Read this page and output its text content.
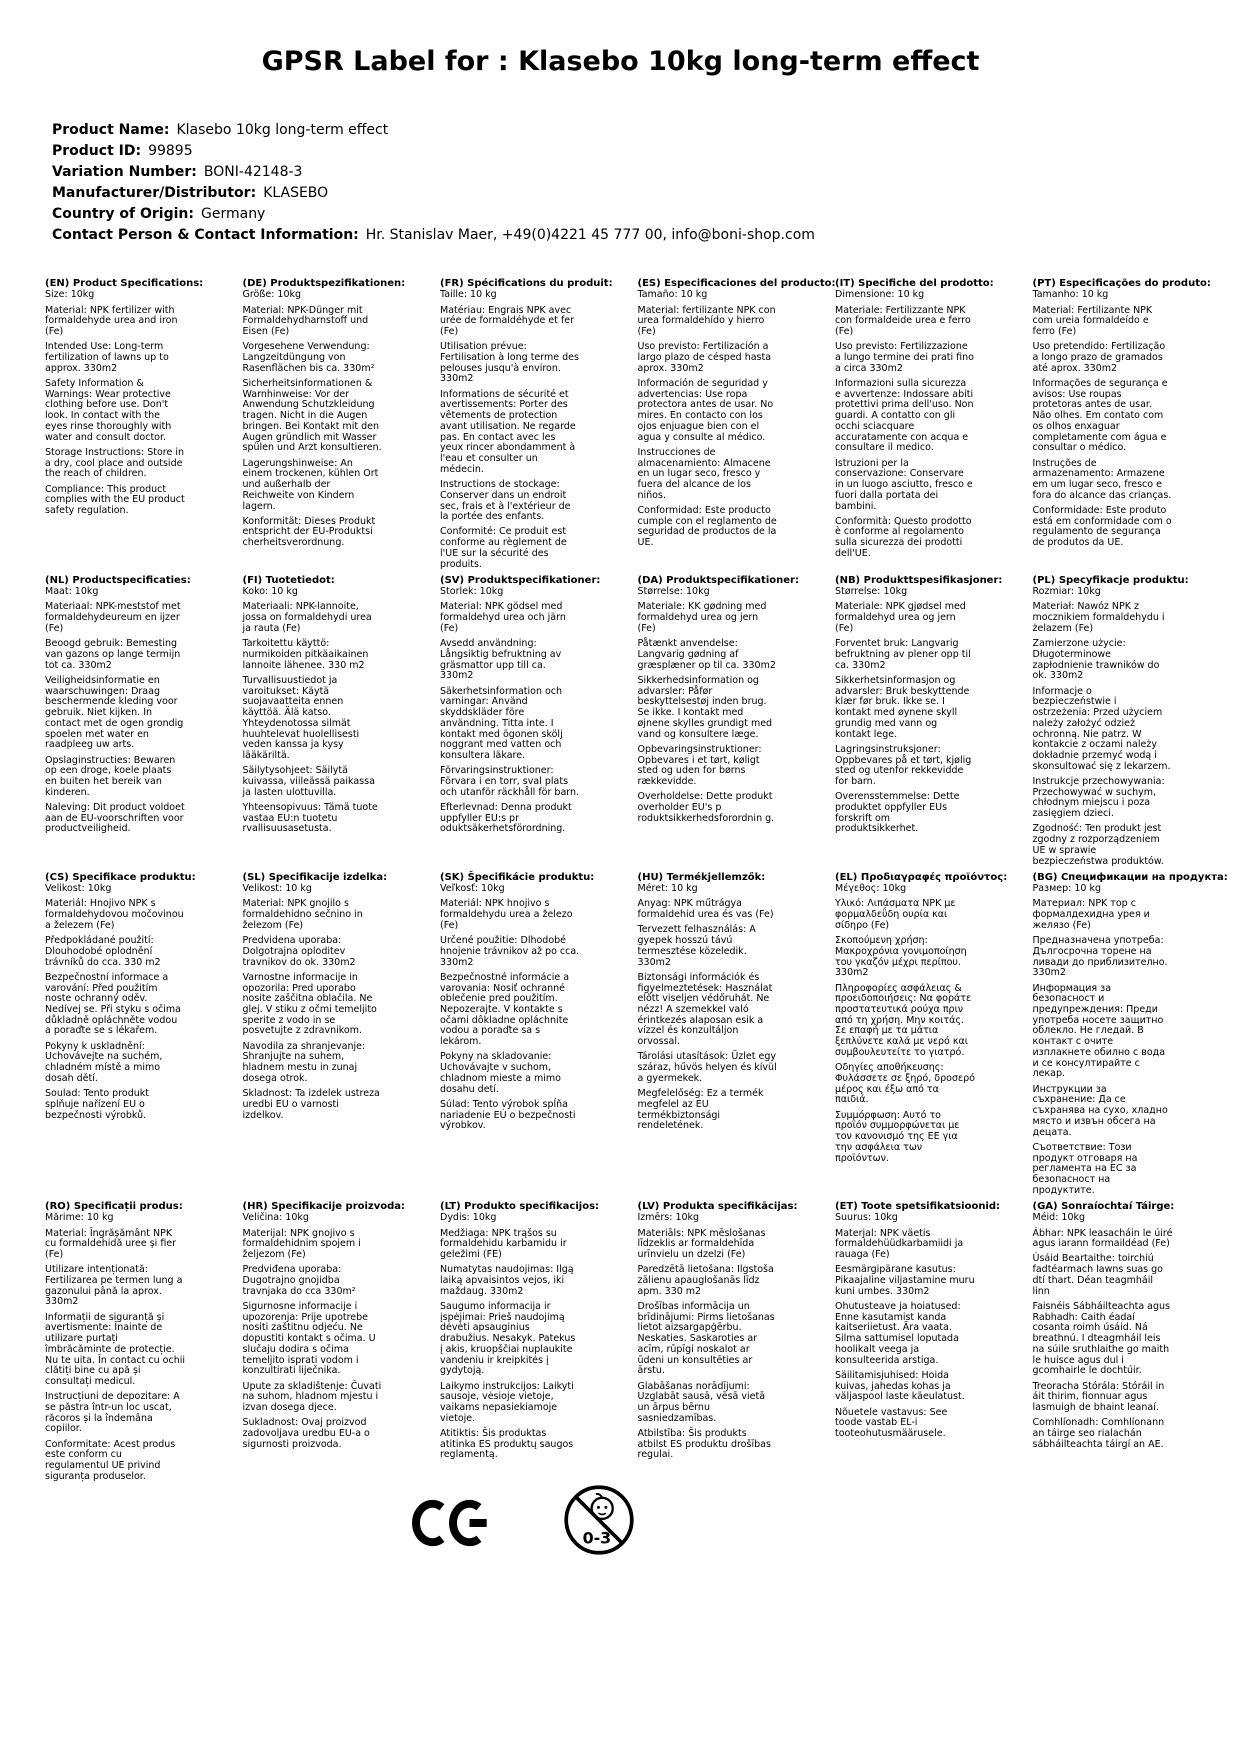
GPSR Label for : Klasebo 10kg long-term effect
Product Name: Klasebo 10kg long-term effect
Product ID: 99895
Variation Number: BONI-42148-3
Manufacturer/Distributor: KLASEBO
Country of Origin: Germany
Contact Person & Contact Information: Hr. Stanislav Maer, +49(0)4221 45 777 00, info@boni-shop.com
(EN) Product Specifications:

Size: 10kg

Material: NPK fertilizer with formaldehyde urea and iron (Fe)

Intended Use: Long-term fertilization of lawns up to approx. 330m2

Safety Information & Warnings: Wear protective clothing before use. Don't look. In contact with the eyes rinse thoroughly with water and consult doctor.

Storage Instructions: Store in a dry, cool place and outside the reach of children.

Compliance: This product complies with the EU product safety regulation.

(DE) Produktspezifikationen:

Größe: 10kg

Material: NPK-Dünger mit Formaldehydharnstoff und Eisen (Fe)

Vorgesehene Verwendung: Langzeitdüngung von Rasenflächen bis ca. 330m²

Sicherheitsinformationen & Warnhinweise: Vor der Anwendung Schutzkleidung tragen. Nicht in die Augen bringen. Bei Kontakt mit den Augen gründlich mit Wasser spülen und Arzt konsultieren.

Lagerungshinweise: An einem trockenen, kühlen Ort und außerhalb der Reichweite von Kindern lagern.

Konformität: Dieses Produkt entspricht der EU-Produktsi cherheitsverordnung.

(FR) Spécifications du produit:

Taille: 10 kg

Matériau: Engrais NPK avec urée de formaldéhyde et fer (Fe)

Utilisation prévue: Fertilisation à long terme des pelouses jusqu'à environ. 330m2

Informations de sécurité et avertissements: Porter des vêtements de protection avant utilisation. Ne regarde pas. En contact avec les yeux rincer abondamment à l'eau et consulter un médecin.

Instructions de stockage: Conserver dans un endroit sec, frais et à l'extérieur de la portée des enfants.

Conformité: Ce produit est conforme au règlement de l'UE sur la sécurité des produits.

(ES) Especificaciones del producto:

Tamaño: 10 kg

Material: fertilizante NPK con urea formaldehído y hierro (Fe)

Uso previsto: Fertilización a largo plazo de césped hasta aprox. 330m2

Información de seguridad y advertencias: Use ropa protectora antes de usar. No mires. En contacto con los ojos enjuague bien con el agua y consulte al médico.

Instrucciones de almacenamiento: Almacene en un lugar seco, fresco y fuera del alcance de los niños.

Conformidad: Este producto cumple con el reglamento de seguridad de productos de la UE.

(IT) Specifiche del prodotto:

Dimensione: 10 kg

Materiale: Fertilizzante NPK con formaldeide urea e ferro (Fe)

Uso previsto: Fertilizzazione a lungo termine dei prati fino a circa 330m2

Informazioni sulla sicurezza e avvertenze: Indossare abiti protettivi prima dell'uso. Non guardi. A contatto con gli occhi sciacquare accuratamente con acqua e consultare il medico.

Istruzioni per la conservazione: Conservare in un luogo asciutto, fresco e fuori dalla portata dei bambini.

Conformità: Questo prodotto è conforme al regolamento sulla sicurezza dei prodotti dell'UE.

(PT) Especificações do produto:

Tamanho: 10 kg

Material: Fertilizante NPK com ureia formaldeído e ferro (Fe)

Uso pretendido: Fertilização a longo prazo de gramados até aprox. 330m2

Informações de segurança e avisos: Use roupas protetoras antes de usar. Não olhes. Em contato com os olhos enxaguar completamente com água e consultar o médico.

Instruções de armazenamento: Armazene em um lugar seco, fresco e fora do alcance das crianças.

Conformidade: Este produto está em conformidade com o regulamento de segurança de produtos da UE.

(NL) Productspecificaties:

Maat: 10kg

Materiaal: NPK-meststof met formaldehydeureum en ijzer (Fe)

Beoogd gebruik: Bemesting van gazons op lange termijn tot ca. 330m2

Veiligheidsinformatie en waarschuwingen: Draag beschermende kleding voor gebruik. Niet kijken. In contact met de ogen grondig spoelen met water en raadpleeg uw arts.

Opslaginstructies: Bewaren op een droge, koele plaats en buiten het bereik van kinderen.

Naleving: Dit product voldoet aan de EU-voorschriften voor productveiligheid.

(FI) Tuotetiedot:

Koko: 10 kg

Materiaali: NPK-lannoite, jossa on formaldehydi urea ja rauta (Fe)

Tarkoitettu käyttö: nurmikoiden pitkäaikainen lannoite lähenee. 330 m2

Turvallisuustiedot ja varoitukset: Käytä suojavaatteita ennen käyttöä. Älä katso. Yhteydenotossa silmät huuhtelevat huolellisesti veden kanssa ja kysy lääkäriltä.

Säilytysohjeet: Säilytä kuivassa, viileässä paikassa ja lasten ulottuvilla.

Yhteensopivuus: Tämä tuote vastaa EU:n tuotetu rvallisuusasetusta.

(SV) Produktspecifikationer:

Storlek: 10kg

Material: NPK gödsel med formaldehyd urea och järn (Fe)

Avsedd användning: Långsiktig befruktning av gräsmattor upp till ca. 330m2

Säkerhetsinformation och varningar: Använd skyddskläder före användning. Titta inte. I kontakt med ögonen skölj noggrant med vatten och konsultera läkare.

Förvaringsinstruktioner: Förvara i en torr, sval plats och utanför räckhåll för barn.

Efterlevnad: Denna produkt uppfyller EU:s pr oduktsäkerhetsförordning.

(DA) Produktspecifikationer:

Størrelse: 10kg

Materiale: KK gødning med formaldehyd urea og jern (Fe)

Påtænkt anvendelse: Langvarig gødning af græsplæner op til ca. 330m2

Sikkerhedsinformation og advarsler: Påfør beskyttelsestøj inden brug. Se ikke. I kontakt med øjnene skylles grundigt med vand og konsultere læge.

Opbevaringsinstruktioner: Opbevares i et tørt, køligt sted og uden for børns rækkevidde.

Overholdelse: Dette produkt overholder EU's p roduktsikkerhedsforordnin g.

(NB) Produkttspesifikasjoner:

Størrelse: 10kg

Materiale: NPK gjødsel med formaldehyd urea og jern (Fe)

Forventet bruk: Langvarig befruktning av plener opp til ca. 330m2

Sikkerhetsinformasjon og advarsler: Bruk beskyttende klær før bruk. Ikke se. I kontakt med øynene skyll grundig med vann og kontakt lege.

Lagringsinstruksjoner: Oppbevares på et tørt, kjølig sted og utenfor rekkevidde for barn.

Overensstemmelse: Dette produktet oppfyller EUs forskrift om produktsikkerhet.

(PL) Specyfikacje produktu:

Rozmiar: 10kg

Materiał: Nawóz NPK z mocznikiem formaldehydu i żelazem (Fe)

Zamierzone użycie: Długoterminowe zapłodnienie trawników do ok. 330m2

Informacje o bezpieczeństwie i ostrzeżenia: Przed użyciem należy założyć odzież ochronną. Nie patrz. W kontakcie z oczami należy dokładnie przemyć wodą i skonsultować się z lekarzem.

Instrukcje przechowywania: Przechowywać w suchym, chłodnym miejscu i poza zasięgiem dzieci.

Zgodność: Ten produkt jest zgodny z rozporządzeniem UE w sprawie bezpieczeństwa produktów.

(CS) Specifikace produktu:

Velikost: 10kg

Materiál: Hnojivo NPK s formaldehydovou močovinou a železem (Fe)

Předpokládané použití: Dlouhodobé oplodnění trávníků do cca. 330 m2

Bezpečnostní informace a varování: Před použitím noste ochranný oděv. Nedívej se. Při styku s očima důkladně opláchněte vodou a poraďte se s lékařem.

Pokyny k uskladnění: Uchovávejte na suchém, chladném místě a mimo dosah dětí.

Soulad: Tento produkt splňuje nařízení EU o bezpečnosti výrobků.

(SL) Specifikacije izdelka:

Velikost: 10 kg

Material: NPK gnojilo s formaldehidno sečnino in železom (Fe)

Predvidena uporaba: Dolgotrajna oploditev travnikov do ok. 330m2

Varnostne informacije in opozorila: Pred uporabo nosite zaščitna oblačila. Ne glej. V stiku z očmi temeljito sperite z vodo in se posvetujte z zdravnikom.

Navodila za shranjevanje: Shranjujte na suhem, hladnem mestu in zunaj dosega otrok.

Skladnost: Ta izdelek ustreza uredbi EU o varnosti izdelkov.

(SK) Špecifikácie produktu:

Veľkosť: 10kg

Materiál: NPK hnojivo s formaldehydu urea a železo (Fe)

Určené použitie: Dlhodobé hnojenie trávnikov až po cca. 330m2

Bezpečnostné informácie a varovania: Nosiť ochranné oblečenie pred použitím. Nepozerajte. V kontakte s očami dôkladne opláchnite vodou a poraďte sa s lekárom.

Pokyny na skladovanie: Uchovávajte v suchom, chladnom mieste a mimo dosahu detí.

Súlad: Tento výrobok spĺňa nariadenie EÚ o bezpečnosti výrobkov.

(HU) Termékjellemzők:

Méret: 10 kg

Anyag: NPK műtrágya formaldehid urea és vas (Fe)

Tervezett felhasználás: A gyepek hosszú távú termesztése közeledik. 330m2

Biztonsági információk és figyelmeztetések: Használat előtt viseljen védőruhát. Ne nézz! A szemekkel való érintkezés alaposan esik a vízzel és konzultáljon orvossal.

Tárolási utasítások: Üzlet egy száraz, hűvös helyen és kívül a gyermekek.

Megfelelőség: Ez a termék megfelel az EU termékbiztonsági rendeletének.

(EL) Προδιαγραφές προϊόντος:

Μέγεθος: 10kg

Υλικό: Λιπάσματα NPK με φορμαλδεΰδη ουρία και σίδηρο (Fe)

Σκοπούμενη χρήση: Μακροχρόνια γονιμοποίηση του γκαζόν μέχρι περίπου. 330m2

Πληροφορίες ασφάλειας & προειδοποιήσεις: Να φοράτε προστατευτικά ρούχα πριν από τη χρήση. Μην κοιτάς. Σε επαφή με τα μάτια ξεπλύνετε καλά με νερό και συμβουλευτείτε το γιατρό.

Οδηγίες αποθήκευσης: Φυλάσσετε σε ξηρό, δροσερό μέρος και έξω από τα παιδιά.

Συμμόρφωση: Αυτό το προϊόν συμμορφώνεται με τον κανονισμό της ΕΕ για την ασφάλεια των προϊόντων.

(BG) Спецификации на продукта:

Размер: 10 kg

Материал: NPK тор с формалдехидна урея и желязо (Fe)

Предназначена употреба: Дългосрочна торене на ливади до приблизително. 330m2

Информация за безопасност и предупреждения: Преди употреба носете защитно облекло. Не гледай. В контакт с очите изплакнете обилно с вода и се консултирайте с лекар.

Инструкции за съхранение: Да се съхранява на сухо, хладно място и извън обсега на децата.

Съответствие: Този продукт отговаря на регламента на ЕС за безопасност на продуктите.

(RO) Specificații produs:

Mărime: 10 kg

Material: Îngrășământ NPK cu formaldehidă uree și fier (Fe)

Utilizare intenționată: Fertilizarea pe termen lung a gazonului până la aprox. 330m2

Informații de siguranță și avertismente: Înainte de utilizare purtați îmbrăcăminte de protecție. Nu te uita. În contact cu ochii clătiți bine cu apă și consultați medicul.

Instrucțiuni de depozitare: A se păstra într-un loc uscat, răcoros și la îndemâna copiilor.

Conformitate: Acest produs este conform cu regulamentul UE privind siguranța produselor.

(HR) Specifikacije proizvoda:

Veličina: 10kg

Materijal: NPK gnojivo s formaldehidnim spojem i željezom (Fe)

Predviđena uporaba: Dugotrajno gnojidba travnjaka do cca 330m²

Sigurnosne informacije i upozorenja: Prije upotrebe nositi zaštitnu odjeću. Ne dopustiti kontakt s očima. U slučaju dodira s očima temeljito isprati vodom i konzultirati liječnika.

Upute za skladištenje: Čuvati na suhom, hladnom mjestu i izvan dosega djece.

Sukladnost: Ovaj proizvod zadovoljava uredbu EU-a o sigurnosti proizvoda.

(LT) Produkto specifikacijos:

Dydis: 10kg

Medžiaga: NPK trąšos su formaldehidu karbamidu ir geležimi (FE)

Numatytas naudojimas: Ilgą laiką apvaisintos vejos, iki maždaug. 330m2

Saugumo informacija ir įspėjimai: Prieš naudojimą dėvėti apsauginius drabužius. Nesakyk. Patekus į akis, kruopščiai nuplaukite vandeniu ir kreipkitės į gydytoją.

Laikymo instrukcijos: Laikyti sausoje, vėsioje vietoje, vaikams nepasiekiamoje vietoje.

Atitiktis: Šis produktas atitinka ES produktų saugos reglamentą.

(LV) Produkta specifikācijas:

Izmērs: 10kg

Materiāls: NPK mēslošanas līdzeklis ar formaldehīda urīnvielu un dzelzi (Fe)

Paredzētā lietošana: Ilgstoša zālienu apauglošanās līdz apm. 330 m2

Drošības informācija un brīdinājumi: Pirms lietošanas lietot aizsargapģērbu. Neskaties. Saskaroties ar acīm, rūpīgi noskalot ar ūdeni un konsultēties ar ārstu.

Glabāšanas norādījumi: Uzglabāt sausā, vēsā vietā un ārpus bērnu sasniedzamības.

Atbilstība: Šis produkts atbilst ES produktu drošības regulai.

(ET) Toote spetsifikatsioonid:

Suurus: 10kg

Materjal: NPK väetis formaldehüüdkarbamiidi ja rauaga (Fe)

Eesmärgipärane kasutus: Pikaajaline viljastamine muru kuni umbes. 330m2

Ohutusteave ja hoiatused: Enne kasutamist kanda kaitseriietust. Ära vaata. Silma sattumisel loputada hoolikalt veega ja konsulteerida arstiga.

Säilitamisjuhised: Hoida kuivas, jahedas kohas ja väljaspool laste käeulatust.

Nõuetele vastavus: See toode vastab EL-i tooteohutusmäärusele.

(GA) Sonraíochtaí Táirge:

Méid: 10kg

Ábhar: NPK leasacháin le úiré agus iarann formaildéad (Fe)

Úsáid Beartaithe: toirchiú fadtéarmach lawns suas go dtí thart. Déan teagmháil linn

Faisnéis Sábháilteachta agus Rabhadh: Caith éadaí cosanta roimh úsáid. Ná breathnú. I dteagmháil leis na súile sruthlaithe go maith le huisce agus dul i gcomhairle le dochtúir.

Treoracha Stórála: Stóráil in áit thirim, fionnuar agus lasmuigh de bhaint leanaí.

Comhlíonadh: Comhlíonann an táirge seo rialachán sábháilteachta táirgí an AE.

0-3
